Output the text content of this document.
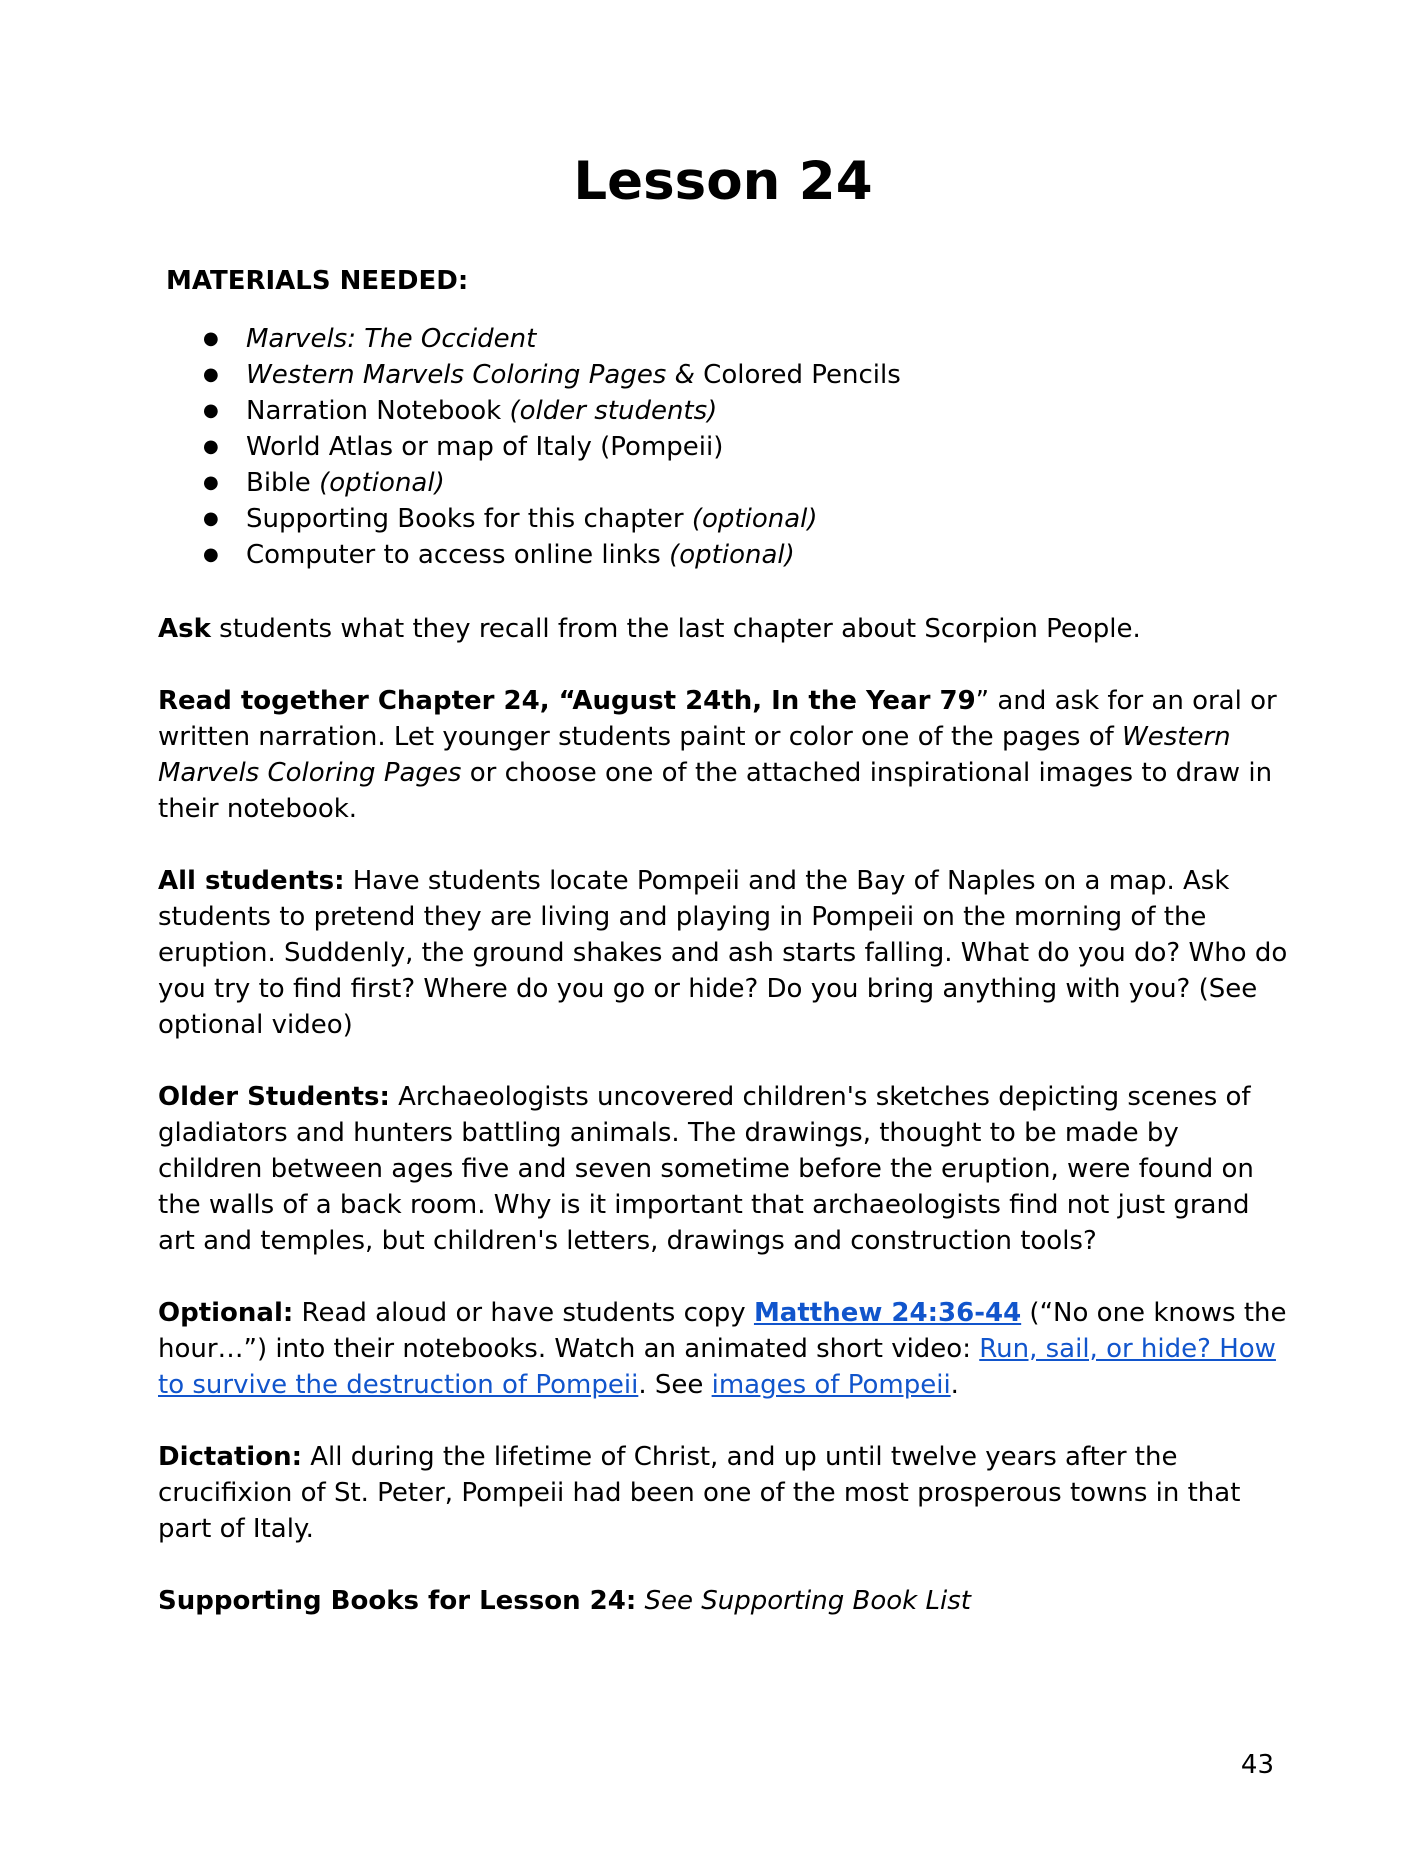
Lesson 24
MATERIALS NEEDED:
● Marvels: The Occident
● Western Marvels Coloring Pages & Colored Pencils
● Narration Notebook (older students)
● World Atlas or map of Italy (Pompeii)
● Bible (optional)
● Supporting Books for this chapter (optional)
● Computer to access online links (optional)

Ask students what they recall from the last chapter about Scorpion People.

Read together Chapter 24, “August 24th, In the Year 79” and ask for an oral or written narration. Let younger students paint or color one of the pages of Western Marvels Coloring Pages or choose one of the attached inspirational images to draw in their notebook.

All students: Have students locate Pompeii and the Bay of Naples on a map. Ask students to pretend they are living and playing in Pompeii on the morning of the eruption. Suddenly, the ground shakes and ash starts falling. What do you do? Who do you try to find first? Where do you go or hide? Do you bring anything with you? (See optional video)

Older Students: Archaeologists uncovered children's sketches depicting scenes of gladiators and hunters battling animals. The drawings, thought to be made by children between ages five and seven sometime before the eruption, were found on the walls of a back room. Why is it important that archaeologists find not just grand art and temples, but children's letters, drawings and construction tools?

Optional: Read aloud or have students copy Matthew 24:36-44 (“No one knows the hour…”) into their notebooks. Watch an animated short video: Run, sail, or hide? How to survive the destruction of Pompeii. See images of Pompeii.

Dictation: All during the lifetime of Christ, and up until twelve years after the crucifixion of St. Peter, Pompeii had been one of the most prosperous towns in that part of Italy.

Supporting Books for Lesson 24: See Supporting Book List

43
